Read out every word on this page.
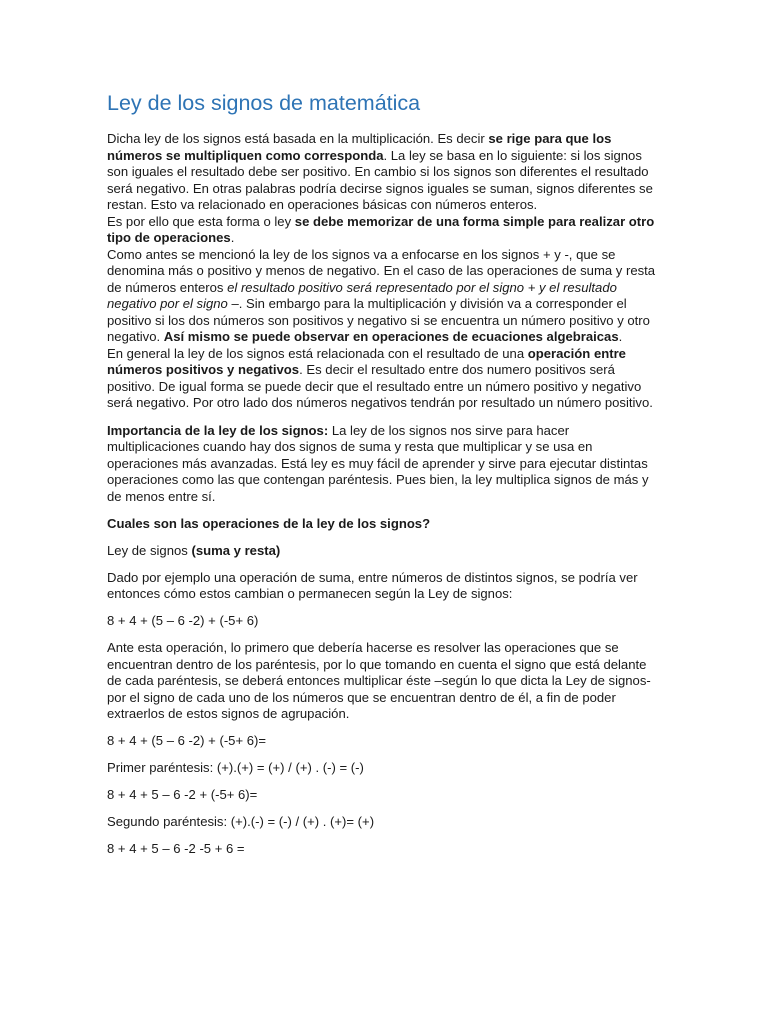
Ley de los signos de matemática

Dicha ley de los signos está basada en la multiplicación. Es decir se rige para que los números se multipliquen como corresponda. La ley se basa en lo siguiente: si los signos son iguales el resultado debe ser positivo. En cambio si los signos son diferentes el resultado será negativo. En otras palabras podría decirse signos iguales se suman, signos diferentes se restan. Esto va relacionado en operaciones básicas con números enteros.

Es por ello que esta forma o ley se debe memorizar de una forma simple para realizar otro tipo de operaciones.

Como antes se mencionó la ley de los signos va a enfocarse en los signos + y -, que se denomina más o positivo y menos de negativo. En el caso de las operaciones de suma y resta de números enteros el resultado positivo será representado por el signo + y el resultado negativo por el signo –. Sin embargo para la multiplicación y división va a corresponder el positivo si los dos números son positivos y negativo si se encuentra un número positivo y otro negativo. Así mismo se puede observar en operaciones de ecuaciones algebraicas.

En general la ley de los signos está relacionada con el resultado de una operación entre números positivos y negativos. Es decir el resultado entre dos numero positivos será positivo. De igual forma se puede decir que el resultado entre un número positivo y negativo será negativo. Por otro lado dos números negativos tendrán por resultado un número positivo.

Importancia de la ley de los signos: La ley de los signos nos sirve para hacer multiplicaciones cuando hay dos signos de suma y resta que multiplicar y se usa en operaciones más avanzadas. Está ley es muy fácil de aprender y sirve para ejecutar distintas operaciones como las que contengan paréntesis. Pues bien, la ley multiplica signos de más y de menos entre sí.

Cuales son las operaciones de la ley de los signos?

Ley de signos (suma y resta)

Dado por ejemplo una operación de suma, entre números de distintos signos, se podría ver entonces cómo estos cambian o permanecen según la Ley de signos:

8 + 4 + (5 – 6 -2) + (-5+ 6)

Ante esta operación, lo primero que debería hacerse es resolver las operaciones que se encuentran dentro de los paréntesis, por lo que tomando en cuenta el signo que está delante de cada paréntesis, se deberá entonces multiplicar éste –según lo que dicta la Ley de signos- por el signo de cada uno de los números que se encuentran dentro de él, a fin de poder extraerlos de estos signos de agrupación.

8 + 4 + (5 – 6 -2) + (-5+ 6)=

Primer paréntesis: (+).(+) = (+) / (+) . (-) = (-)

8 + 4 + 5 – 6 -2 + (-5+ 6)=

Segundo paréntesis: (+).(-) = (-) / (+) . (+)= (+)

8 + 4 + 5 – 6 -2 -5 + 6 =
